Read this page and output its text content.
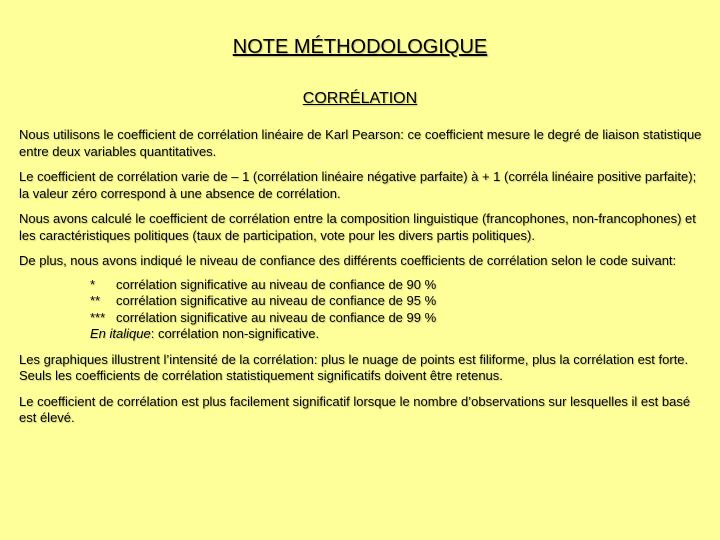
NOTE MÉTHODOLOGIQUE
CORRÉLATION

Nous utilisons le coefficient de corrélation linéaire de Karl Pearson: ce coefficient mesure le degré de liaison statistique entre deux variables quantitatives.

Le coefficient de corrélation varie de – 1 (corrélation linéaire négative parfaite) à + 1 (corréla linéaire positive parfaite); la valeur zéro correspond à une absence de corrélation.

Nous avons calculé le coefficient de corrélation entre la composition linguistique (francophones, non-francophones) et les caractéristiques politiques (taux de participation, vote pour les divers partis politiques).

De plus, nous avons indiqué le niveau de confiance des différents coefficients de corrélation selon le code suivant:

* corrélation significative au niveau de confiance de 90 %
** corrélation significative au niveau de confiance de 95 %
*** corrélation significative au niveau de confiance de 99 %
En italique: corrélation non-significative.

Les graphiques illustrent l’intensité de la corrélation: plus le nuage de points est filiforme, plus la corrélation est forte. Seuls les coefficients de corrélation statistiquement significatifs doivent être retenus.

Le coefficient de corrélation est plus facilement significatif lorsque le nombre d’observations sur lesquelles il est basé est élevé.
